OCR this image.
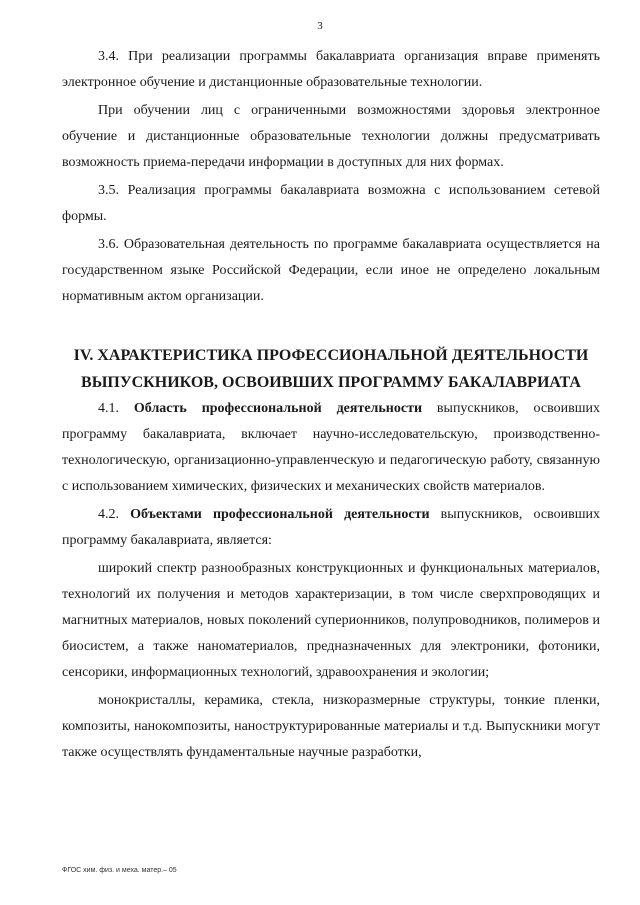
3

3.4. При реализации программы бакалавриата организация вправе применять электронное обучение и дистанционные образовательные технологии.

При обучении лиц с ограниченными возможностями здоровья электронное обучение и дистанционные образовательные технологии должны предусматривать возможность приема-передачи информации в доступных для них формах.

3.5. Реализация программы бакалавриата возможна с использованием сетевой формы.

3.6. Образовательная деятельность по программе бакалавриата осуществляется на государственном языке Российской Федерации, если иное не определено локальным нормативным актом организации.

IV. ХАРАКТЕРИСТИКА ПРОФЕССИОНАЛЬНОЙ ДЕЯТЕЛЬНОСТИ
ВЫПУСКНИКОВ, ОСВОИВШИХ ПРОГРАММУ БАКАЛАВРИАТА

4.1. Область профессиональной деятельности выпускников, освоивших программу бакалавриата, включает научно-исследовательскую, производственно-технологическую, организационно-управленческую и педагогическую работу, связанную с использованием химических, физических и механических свойств материалов.

4.2. Объектами профессиональной деятельности выпускников, освоивших программу бакалавриата, является:

широкий спектр разнообразных конструкционных и функциональных материалов, технологий их получения и методов характеризации, в том числе сверхпроводящих и магнитных материалов, новых поколений суперионников, полупроводников, полимеров и биосистем, а также наноматериалов, предназначенных для электроники, фотоники, сенсорики, информационных технологий, здравоохранения и экологии;

монокристаллы, керамика, стекла, низкоразмерные структуры, тонкие пленки, композиты, нанокомпозиты, наноструктурированные материалы и т.д. Выпускники могут также осуществлять фундаментальные научные разработки,

ФГОС хим. физ. и меха. матер.– 05
